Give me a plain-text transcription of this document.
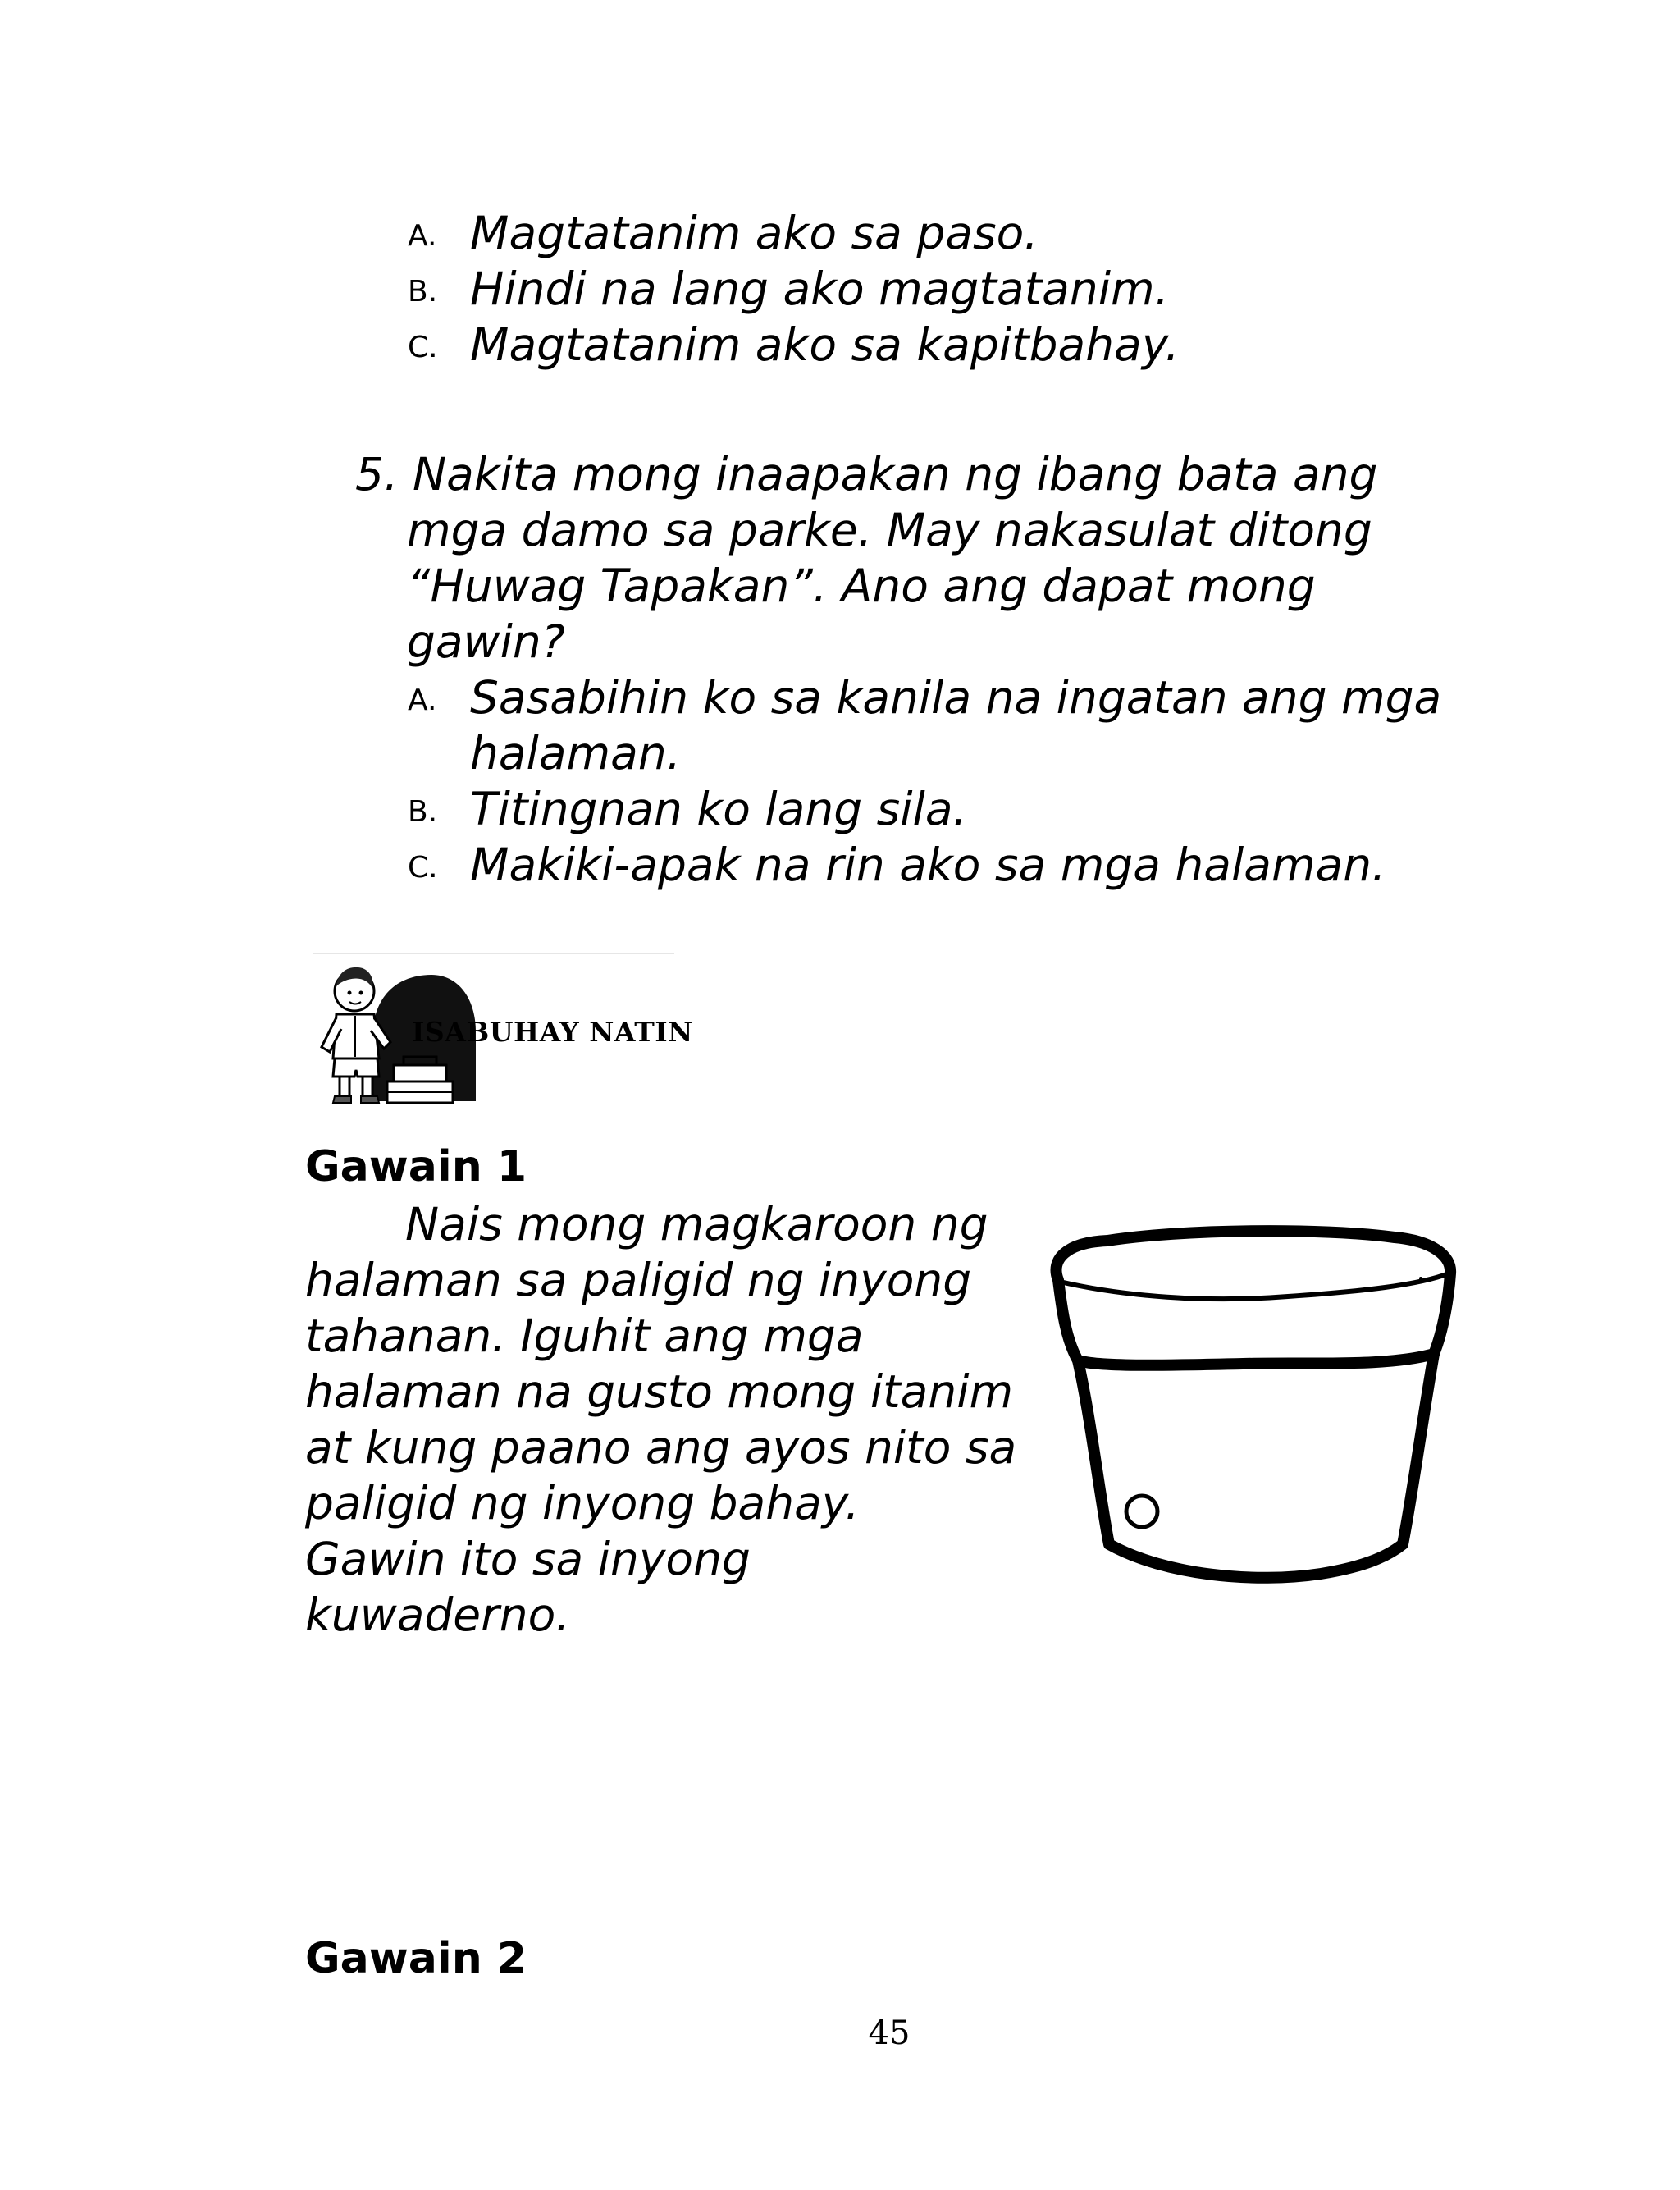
A. Magtatanim ako sa paso.
B. Hindi na lang ako magtatanim.
C. Magtatanim ako sa kapitbahay.
5. Nakita mong inaapakan ng ibang bata ang
mga damo sa parke. May nakasulat ditong
“Huwag Tapakan”. Ano ang dapat mong
gawin?
A. Sasabihin ko sa kanila na ingatan ang mga
halaman.
B. Titingnan ko lang sila.
C. Makiki-apak na rin ako sa mga halaman.
ISABUHAY NATIN
Gawain 1
Nais mong magkaroon ng
halaman sa paligid ng inyong
tahanan. Iguhit ang mga
halaman na gusto mong itanim
at kung paano ang ayos nito sa
paligid ng inyong bahay.
Gawin ito sa inyong
kuwaderno.
Gawain 2
45
